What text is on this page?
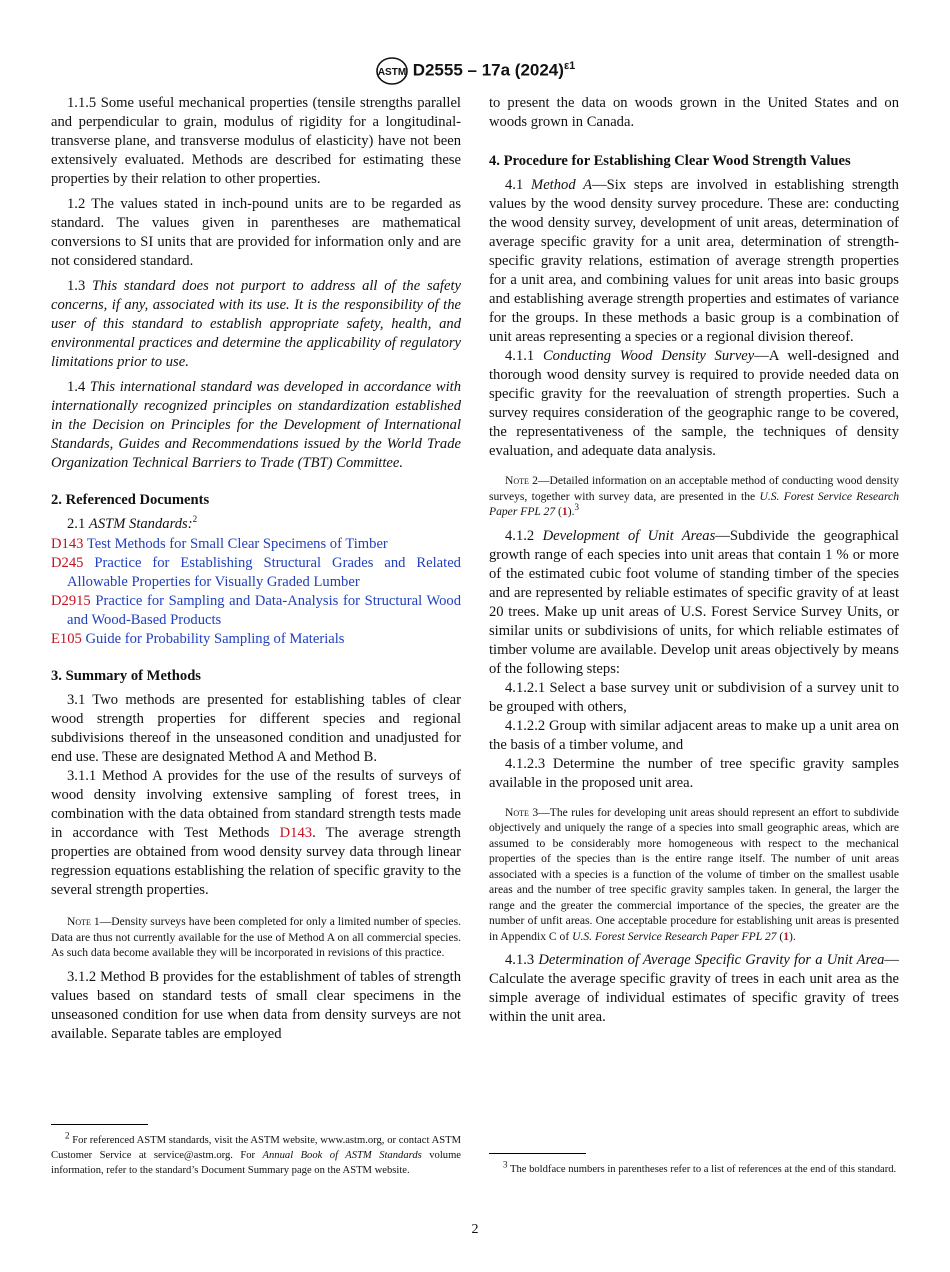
ASTM D2555 – 17a $(2024)^{\varepsilon 1}$

1.1.5 Some useful mechanical properties (tensile strengths parallel and perpendicular to grain, modulus of rigidity for a longitudinal-transverse plane, and transverse modulus of elasticity) have not been extensively evaluated. Methods are described for estimating these properties by their relation to other properties.

1.2 The values stated in inch-pound units are to be regarded as standard. The values given in parentheses are mathematical conversions to SI units that are provided for information only and are not considered standard.

1.3 This standard does not purport to address all of the safety concerns, if any, associated with its use. It is the responsibility of the user of this standard to establish appropriate safety, health, and environmental practices and determine the applicability of regulatory limitations prior to use.

1.4 This international standard was developed in accordance with internationally recognized principles on standardization established in the Decision on Principles for the Development of International Standards, Guides and Recommendations issued by the World Trade Organization Technical Barriers to Trade (TBT) Committee.

2. Referenced Documents

2.1 ASTM Standards:$^2$

D143 Test Methods for Small Clear Specimens of Timber
D245 Practice for Establishing Structural Grades and Related Allowable Properties for Visually Graded Lumber
D2915 Practice for Sampling and Data-Analysis for Structural Wood and Wood-Based Products
E105 Guide for Probability Sampling of Materials
3. Summary of Methods

3.1 Two methods are presented for establishing tables of clear wood strength properties for different species and regional subdivisions thereof in the unseasoned condition and unadjusted for end use. These are designated Method A and Method B.

3.1.1 Method A provides for the use of the results of surveys of wood density involving extensive sampling of forest trees, in combination with the data obtained from standard strength tests made in accordance with Test Methods D143. The average strength properties are obtained from wood density survey data through linear regression equations establishing the relation of specific gravity to the several strength properties.

Note 1—Density surveys have been completed for only a limited number of species. Data are thus not currently available for the use of Method A on all commercial species. As such data become available they will be incorporated in revisions of this practice.

3.1.2 Method B provides for the establishment of tables of strength values based on standard tests of small clear specimens in the unseasoned condition for use when data from density surveys are not available. Separate tables are employed

$^2$ For referenced ASTM standards, visit the ASTM website, www.astm.org, or contact ASTM Customer Service at service@astm.org. For Annual Book of ASTM Standards volume information, refer to the standard’s Document Summary page on the ASTM website.

to present the data on woods grown in the United States and on woods grown in Canada.

4. Procedure for Establishing Clear Wood Strength Values

4.1 Method A—Six steps are involved in establishing strength values by the wood density survey procedure. These are: conducting the wood density survey, development of unit areas, determination of average specific gravity for a unit area, determination of strength-specific gravity relations, estimation of average strength properties for a unit area, and combining values for unit areas into basic groups and establishing average strength properties and estimates of variance for the groups. In these methods a basic group is a combination of unit areas representing a species or a regional division thereof.

4.1.1 Conducting Wood Density Survey—A well-designed and thorough wood density survey is required to provide needed data on specific gravity for the reevaluation of strength properties. Such a survey requires consideration of the geographic range to be covered, the representativeness of the sample, the techniques of density evaluation, and adequate data analysis.

Note 2—Detailed information on an acceptable method of conducting wood density surveys, together with survey data, are presented in the U.S. Forest Service Research Paper FPL 27 (1).$^3$

4.1.2 Development of Unit Areas—Subdivide the geographical growth range of each species into unit areas that contain 1 % or more of the estimated cubic foot volume of standing timber of the species and are represented by reliable estimates of specific gravity of at least 20 trees. Make up unit areas of U.S. Forest Service Survey Units, or similar units or subdivisions of units, for which reliable estimates of timber volume are available. Develop unit areas objectively by means of the following steps:

4.1.2.1 Select a base survey unit or subdivision of a survey unit to be grouped with others,

4.1.2.2 Group with similar adjacent areas to make up a unit area on the basis of a timber volume, and

4.1.2.3 Determine the number of tree specific gravity samples available in the proposed unit area.

Note 3—The rules for developing unit areas should represent an effort to subdivide objectively and uniquely the range of a species into small geographic areas, which are assumed to be considerably more homogeneous with respect to the mechanical properties of the species than is the entire range itself. The number of unit areas associated with a species is a function of the volume of timber on the smallest usable areas and the number of tree specific gravity samples taken. In general, the larger the range and the greater the commercial importance of the species, the greater are the number of unfit areas. One acceptable procedure for establishing unit areas is presented in Appendix C of U.S. Forest Service Research Paper FPL 27 (1).

4.1.3 Determination of Average Specific Gravity for a Unit Area—Calculate the average specific gravity of trees in each unit area as the simple average of individual estimates of specific gravity of trees within the unit area.

$^3$ The boldface numbers in parentheses refer to a list of references at the end of this standard.
2
